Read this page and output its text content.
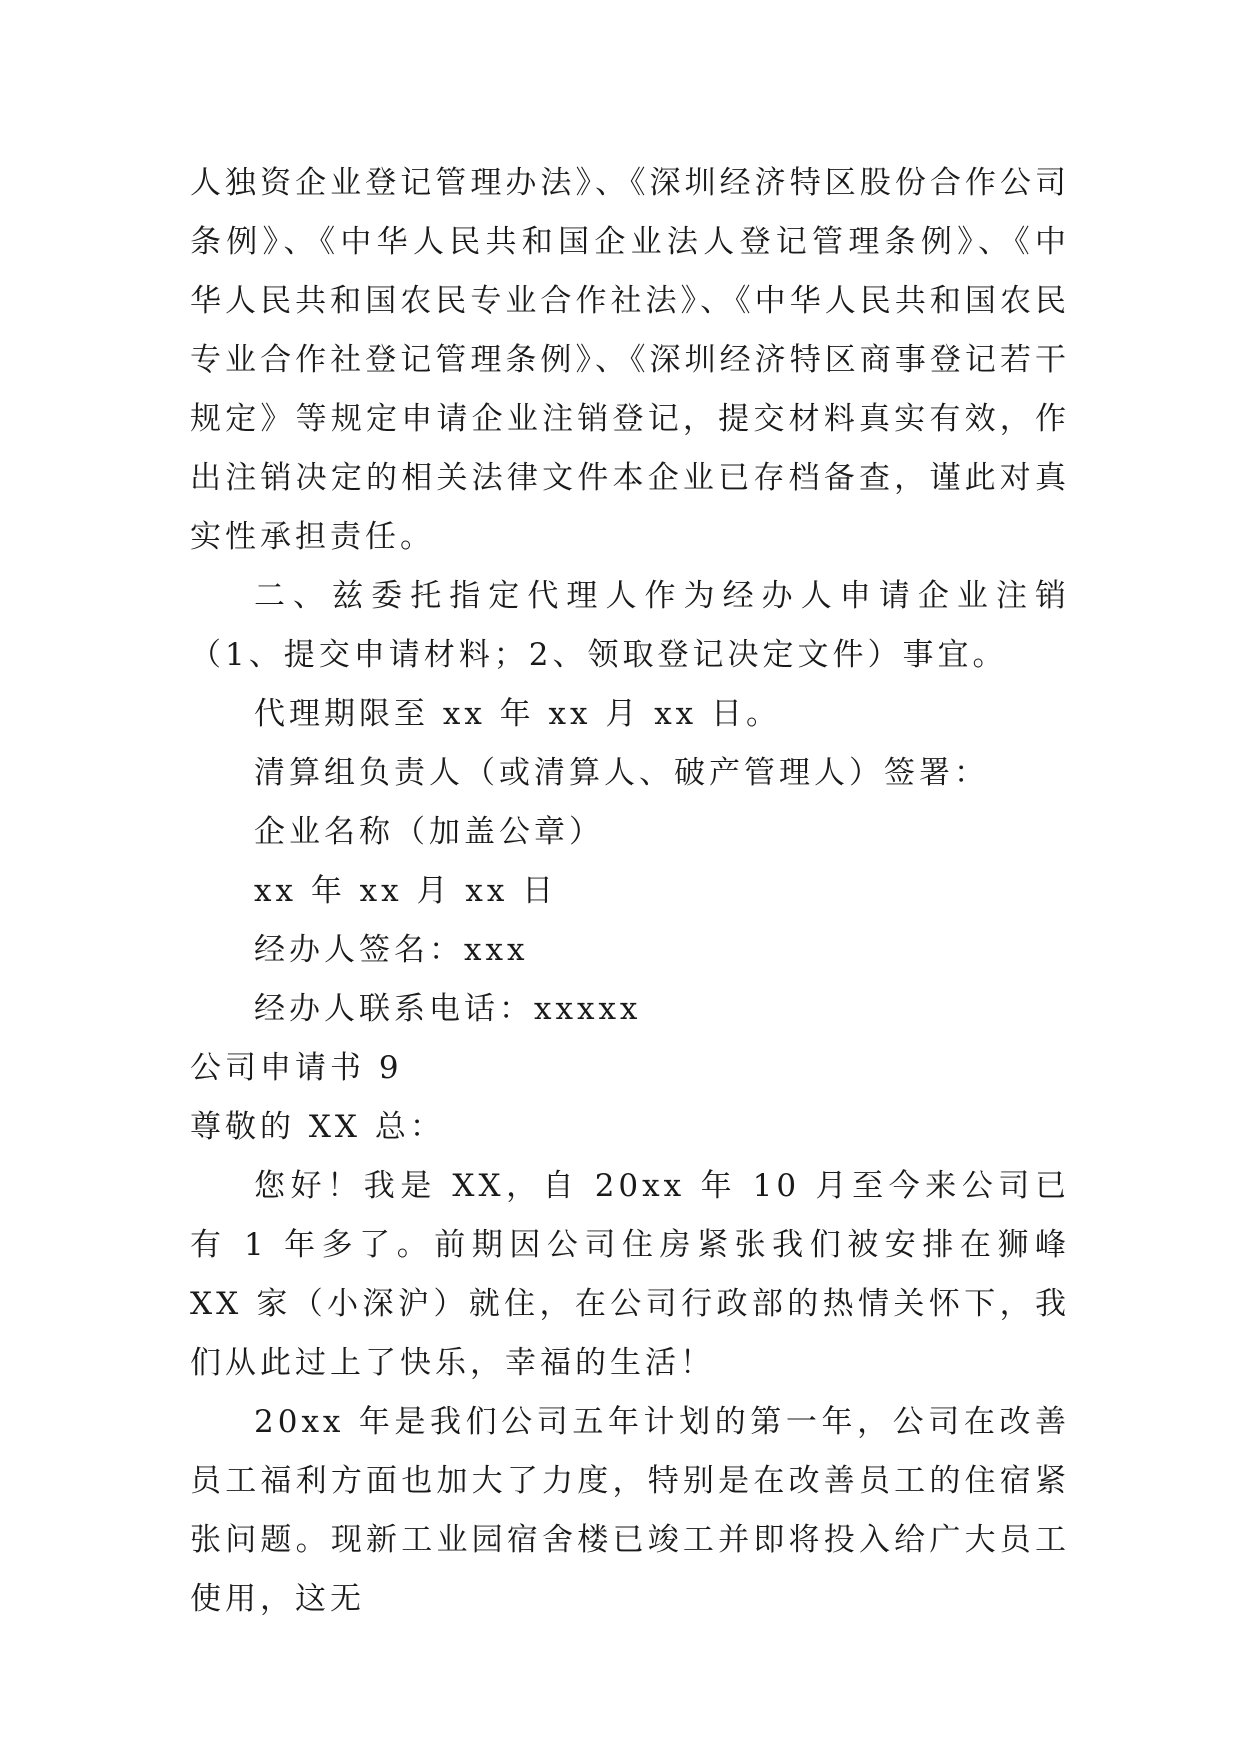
人独资企业登记管理办法》、《深圳经济特区股份合作公司条例》、《中华人民共和国企业法人登记管理条例》、《中华人民共和国农民专业合作社法》、《中华人民共和国农民专业合作社登记管理条例》、《深圳经济特区商事登记若干规定》等规定申请企业注销登记，提交材料真实有效，作出注销决定的相关法律文件本企业已存档备查，谨此对真实性承担责任。

二、兹委托指定代理人作为经办人申请企业注销（1、提交申请材料；2、领取登记决定文件）事宜。

代理期限至 xx 年 xx 月 xx 日。

清算组负责人（或清算人、破产管理人）签署：

企业名称（加盖公章）

xx 年 xx 月 xx 日

经办人签名：xxx

经办人联系电话：xxxxx

公司申请书 9

尊敬的 XX 总：

您好！我是 XX，自 20xx 年 10 月至今来公司已有 1 年多了。前期因公司住房紧张我们被安排在狮峰 XX 家（小深沪）就住，在公司行政部的热情关怀下，我们从此过上了快乐，幸福的生活！

20xx 年是我们公司五年计划的第一年，公司在改善员工福利方面也加大了力度，特别是在改善员工的住宿紧张问题。现新工业园宿舍楼已竣工并即将投入给广大员工使用，这无
